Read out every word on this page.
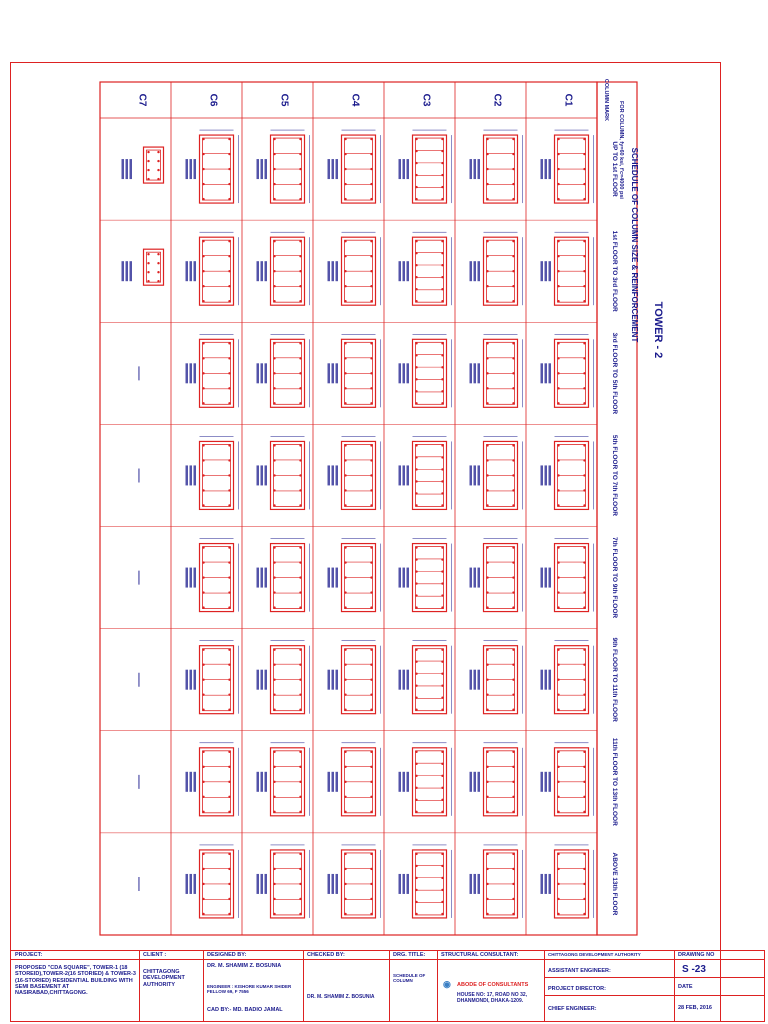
TOWER - 2
SCHEDULE OF COLUMN SIZE & REINFORCEMENT
FOR COLUMN, fy=60 ksi, f'c=4000 psi
COLUMN MARK
UP TO 1st FLOOR
1st FLOOR TO 3rd FLOOR
3rd FLOOR TO 5th FLOOR
5th FLOOR TO 7th FLOOR
7th FLOOR TO 9th FLOOR
9th FLOOR TO 11th FLOOR
11th FLOOR TO 13th FLOOR
ABOVE 13th FLOOR
C1
C2
C3
C4
C5
C6
C7
—
—
—
—
—
—
PROJECT:
PROPOSED "CDA SQUARE", TOWER-1 (18 STOREID),TOWER-2(16 STORIED) & TOWER-3 (16-STORIED) RESIDENTIAL BUILDING WITH SEMI BASEMENT AT NASIRABAD,CHITTAGONG.
CLIENT :
CHITTAGONG DEVELOPMENT AUTHORITY
DESIGNED BY:
DR. M. SHAMIM Z. BOSUNIA
ENGINEER : KISHORE KUMAR SHIDER FELLOW 69, F 7556
CAD BY:- MD. BADIO JAMAL
CHECKED BY:
DR. M. SHAMIM Z. BOSUNIA
DRG. TITLE:
SCHEDULE OF COLUMN
STRUCTURAL CONSULTANT:
◉ ABODE OF CONSULTANTS
HOUSE NO: 17, ROAD NO 32, DHANMONDI, DHAKA-1209.
CHITTAGONG DEVELOPMENT AUTHORITY
ASSISTANT ENGINEER:
PROJECT DIRECTOR:
CHIEF ENGINEER:
DRAWING NO
S -23
DATE
28 FEB, 2016
